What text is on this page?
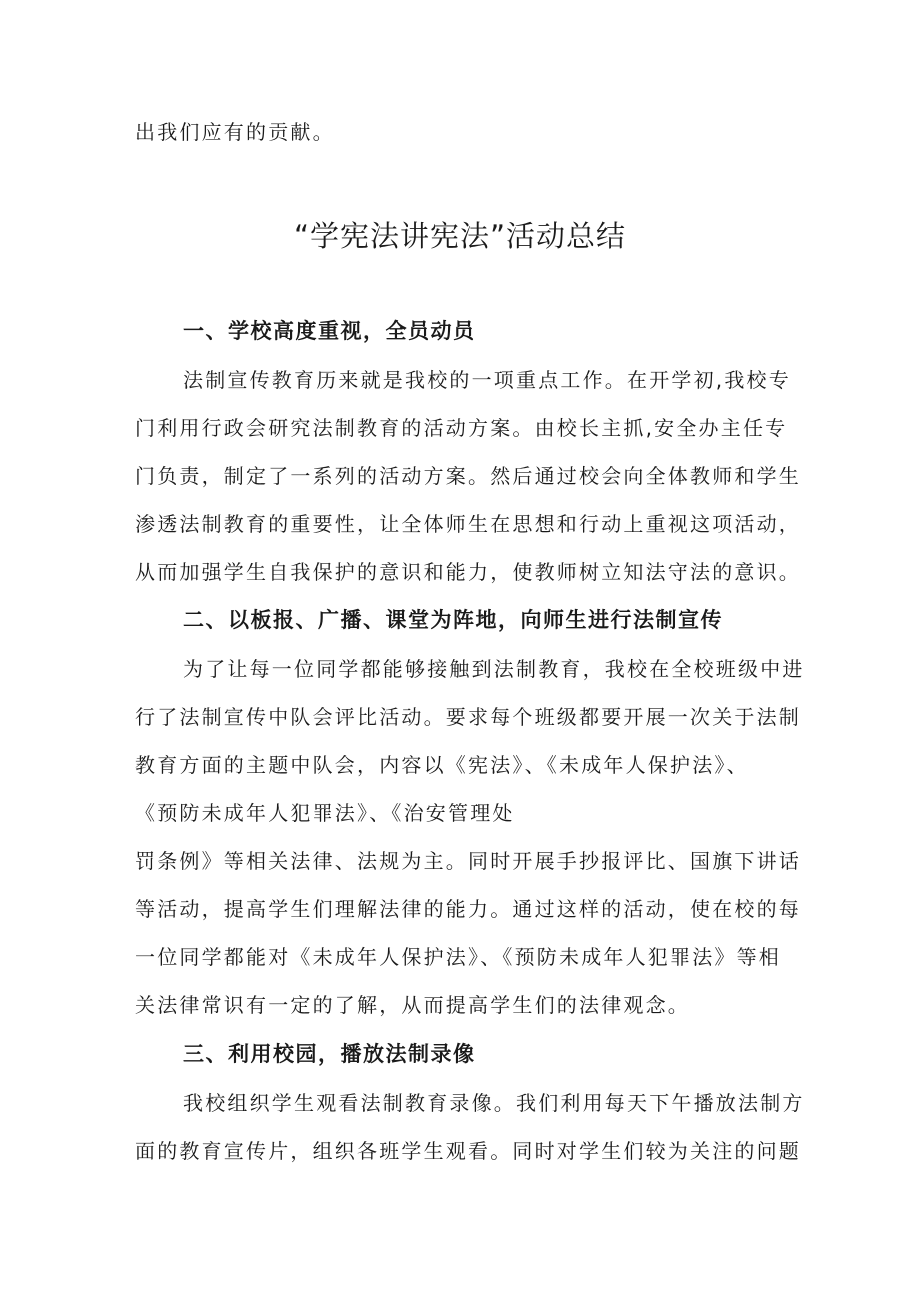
出我们应有的贡献。

“学宪法讲宪法”活动总结
一、学校高度重视，全员动员

法制宣传教育历来就是我校的一项重点工作。在开学初,我校专

门利用行政会研究法制教育的活动方案。由校长主抓,安全办主任专

门负责，制定了一系列的活动方案。然后通过校会向全体教师和学生

渗透法制教育的重要性，让全体师生在思想和行动上重视这项活动，

从而加强学生自我保护的意识和能力，使教师树立知法守法的意识。

二、以板报、广播、课堂为阵地，向师生进行法制宣传

为了让每一位同学都能够接触到法制教育，我校在全校班级中进

行了法制宣传中队会评比活动。要求每个班级都要开展一次关于法制

教育方面的主题中队会，内容以《宪法》、《未成年人保护法》、

《预防未成年人犯罪法》、《治安管理处

罚条例》等相关法律、法规为主。同时开展手抄报评比、国旗下讲话

等活动，提高学生们理解法律的能力。通过这样的活动，使在校的每

一位同学都能对《未成年人保护法》、《预防未成年人犯罪法》等相

关法律常识有一定的了解，从而提高学生们的法律观念。

三、利用校园，播放法制录像

我校组织学生观看法制教育录像。我们利用每天下午播放法制方

面的教育宣传片，组织各班学生观看。同时对学生们较为关注的问题
